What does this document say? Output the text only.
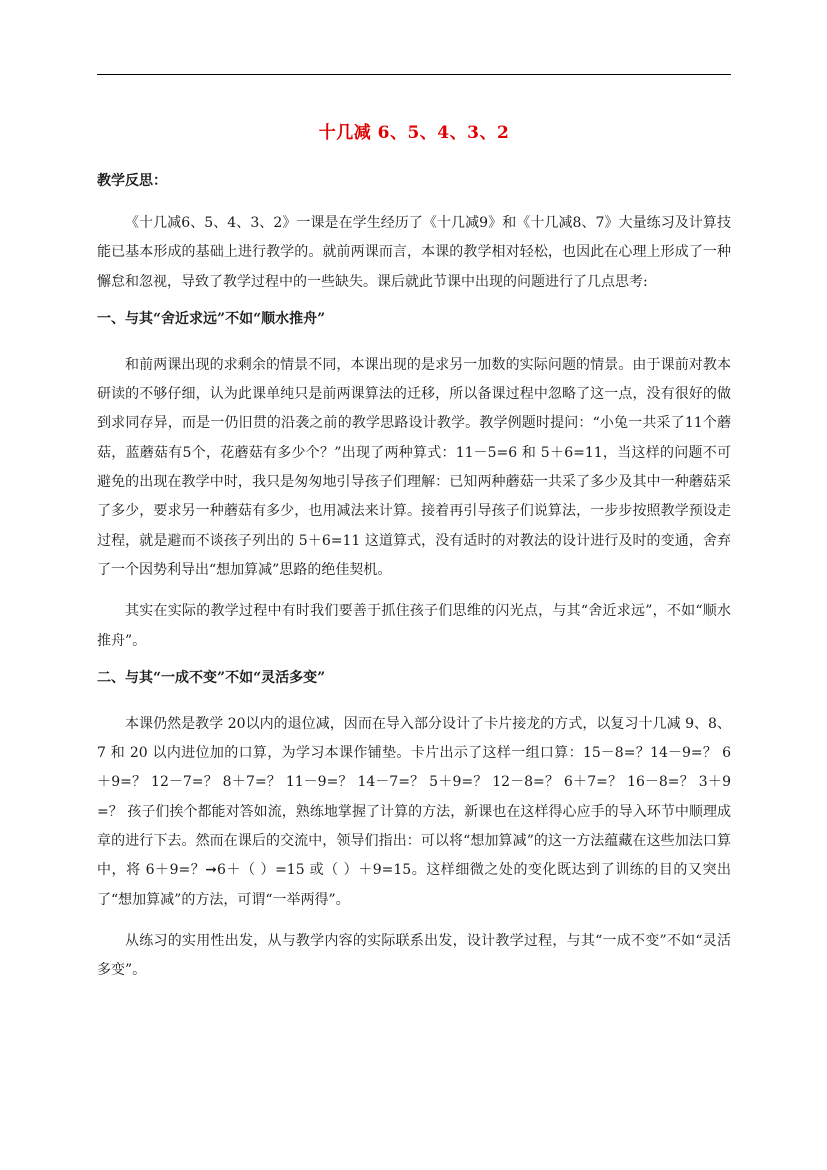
十几减 6、5、4、3、2
教学反思：

《十几减6、5、4、3、2》一课是在学生经历了《十几减9》和《十几减8、7》大量练习及计算技能已基本形成的基础上进行教学的。就前两课而言，本课的教学相对轻松，也因此在心理上形成了一种懈怠和忽视，导致了教学过程中的一些缺失。课后就此节课中出现的问题进行了几点思考:

一、与其“舍近求远”不如“顺水推舟”

和前两课出现的求剩余的情景不同，本课出现的是求另一加数的实际问题的情景。由于课前对教本研读的不够仔细，认为此课单纯只是前两课算法的迁移，所以备课过程中忽略了这一点，没有很好的做到求同存异，而是一仍旧贯的沿袭之前的教学思路设计教学。教学例题时提问：“小兔一共采了11个蘑菇，蓝蘑菇有5个，花蘑菇有多少个？”出现了两种算式：11－5=6 和 5＋6=11，当这样的问题不可避免的出现在教学中时，我只是匆匆地引导孩子们理解：已知两种蘑菇一共采了多少及其中一种蘑菇采了多少，要求另一种蘑菇有多少，也用减法来计算。接着再引导孩子们说算法，一步步按照教学预设走过程，就是避而不谈孩子列出的 5＋6=11 这道算式，没有适时的对教法的设计进行及时的变通，舍弃了一个因势利导出“想加算减”思路的绝佳契机。

其实在实际的教学过程中有时我们要善于抓住孩子们思维的闪光点，与其“舍近求远”，不如“顺水推舟”。

二、与其“一成不变”不如“灵活多变”

本课仍然是教学 20以内的退位减，因而在导入部分设计了卡片接龙的方式，以复习十几减 9、8、7 和 20 以内进位加的口算，为学习本课作铺垫。卡片出示了这样一组口算：15－8=？14－9=？ 6＋9=？ 12－7=？ 8＋7=？ 11－9=？ 14－7=？ 5＋9=？ 12－8=？ 6＋7=？ 16－8=？ 3＋9=？ 孩子们挨个都能对答如流，熟练地掌握了计算的方法，新课也在这样得心应手的导入环节中顺理成章的进行下去。然而在课后的交流中，领导们指出：可以将“想加算减”的这一方法蕴藏在这些加法口算中，将 6＋9=？➞6＋（ ）=15 或（ ）＋9=15。这样细微之处的变化既达到了训练的目的又突出了“想加算减”的方法，可谓“一举两得”。

从练习的实用性出发，从与教学内容的实际联系出发，设计教学过程，与其“一成不变”不如“灵活多变”。
